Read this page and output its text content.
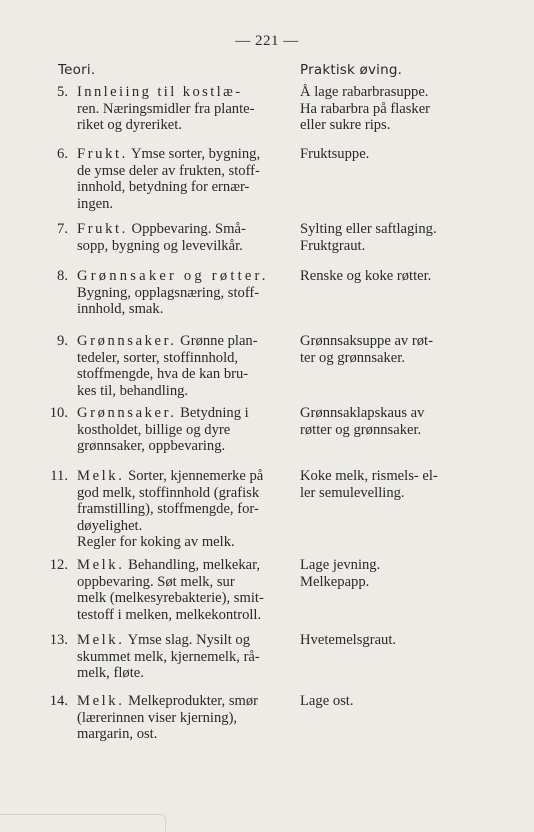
— 221 —
Teori.	Praktisk øving.
5. Innleiing til kostlæ-
ren. Næringsmidler fra plante-
riket og dyreriket.
Å lage rabarbrasuppe.
Ha rabarbra på flasker
eller sukre rips.
6. Frukt. Ymse sorter, bygning,
de ymse deler av frukten, stoff-
innhold, betydning for ernær-
ingen.
Fruktsuppe.
7. Frukt. Oppbevaring. Små-
sopp, bygning og levevilkår.
Sylting eller saftlaging.
Fruktgraut.
8. Grønnsaker og røtter.
Bygning, opplagsnæring, stoff-
innhold, smak.
Renske og koke røtter.
9. Grønnsaker. Grønne plan-
tedeler, sorter, stoffinnhold,
stoffmengde, hva de kan bru-
kes til, behandling.
Grønnsaksuppe av røt-
ter og grønnsaker.
10. Grønnsaker. Betydning i
kostholdet, billige og dyre
grønnsaker, oppbevaring.
Grønnsaklapskaus av
røtter og grønnsaker.
11. Melk. Sorter, kjennemerke på
god melk, stoffinnhold (grafisk
framstilling), stoffmengde, for-
døyelighet.
Regler for koking av melk.
Koke melk, rismels- el-
ler semulevelling.
12. Melk. Behandling, melkekar,
oppbevaring. Søt melk, sur
melk (melkesyrebakterie), smit-
testoff i melken, melkekontroll.
Lage jevning.
Melkepapp.
13. Melk. Ymse slag. Nysilt og
skummet melk, kjernemelk, rå-
melk, fløte.
Hvetemelsgraut.
14. Melk. Melkeprodukter, smør
(lærerinnen viser kjerning),
margarin, ost.
Lage ost.
